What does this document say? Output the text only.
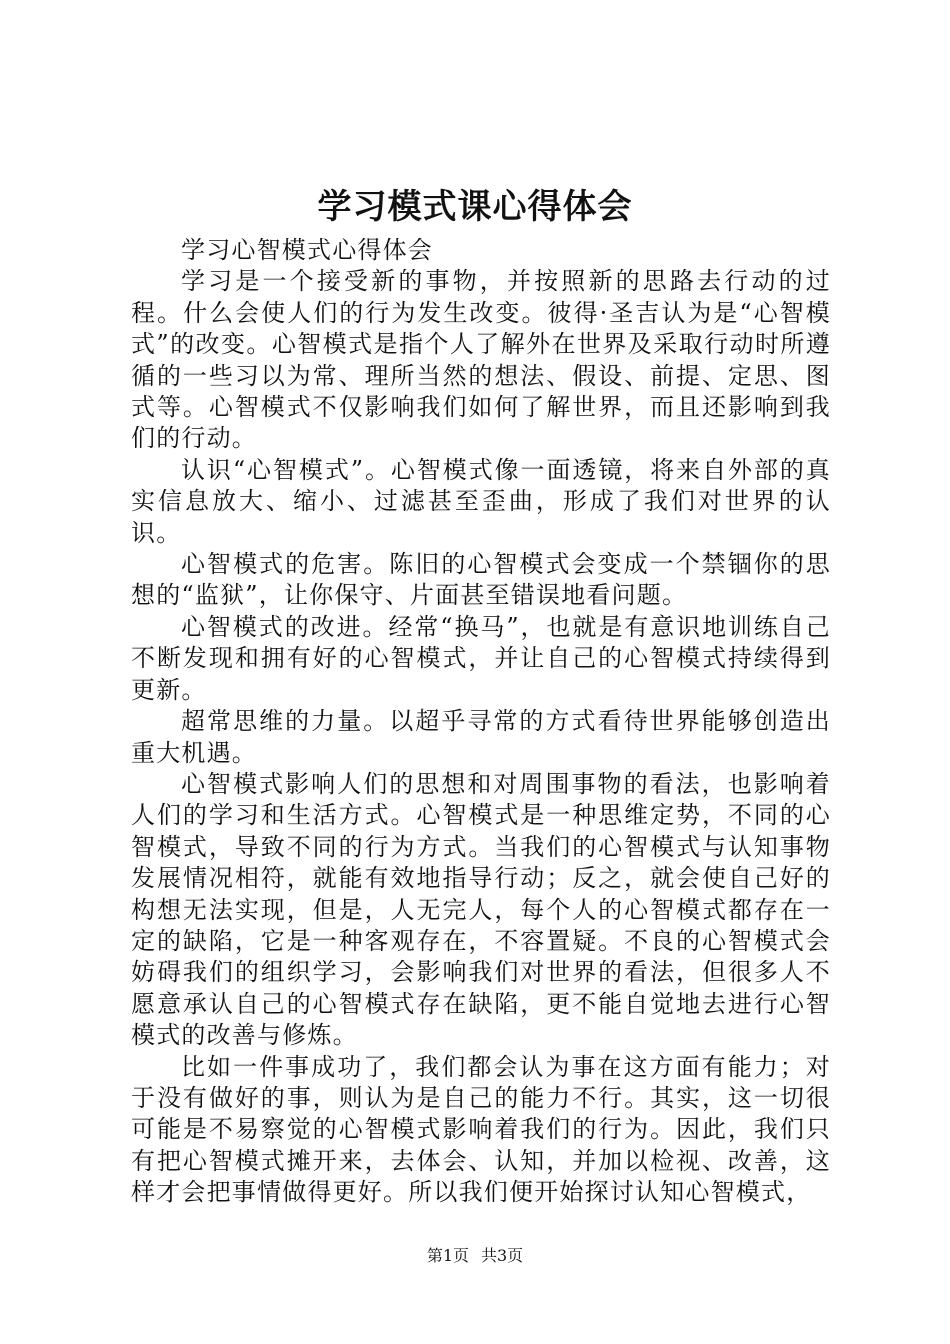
学习模式课心得体会

学习心智模式心得体会

学习是一个接受新的事物，并按照新的思路去行动的过程。什么会使人们的行为发生改变。彼得·圣吉认为是“心智模式”的改变。心智模式是指个人了解外在世界及采取行动时所遵循的一些习以为常、理所当然的想法、假设、前提、定思、图式等。心智模式不仅影响我们如何了解世界，而且还影响到我们的行动。

认识“心智模式”。心智模式像一面透镜，将来自外部的真实信息放大、缩小、过滤甚至歪曲，形成了我们对世界的认识。

心智模式的危害。陈旧的心智模式会变成一个禁锢你的思想的“监狱”，让你保守、片面甚至错误地看问题。

心智模式的改进。经常“换马”，也就是有意识地训练自己不断发现和拥有好的心智模式，并让自己的心智模式持续得到更新。

超常思维的力量。以超乎寻常的方式看待世界能够创造出重大机遇。

心智模式影响人们的思想和对周围事物的看法，也影响着人们的学习和生活方式。心智模式是一种思维定势，不同的心智模式，导致不同的行为方式。当我们的心智模式与认知事物发展情况相符，就能有效地指导行动；反之，就会使自己好的构想无法实现，但是，人无完人，每个人的心智模式都存在一定的缺陷，它是一种客观存在，不容置疑。不良的心智模式会妨碍我们的组织学习，会影响我们对世界的看法，但很多人不愿意承认自己的心智模式存在缺陷，更不能自觉地去进行心智模式的改善与修炼。

比如一件事成功了，我们都会认为事在这方面有能力；对于没有做好的事，则认为是自己的能力不行。其实，这一切很可能是不易察觉的心智模式影响着我们的行为。因此，我们只有把心智模式摊开来，去体会、认知，并加以检视、改善，这样才会把事情做得更好。所以我们便开始探讨认知心智模式，

第1页 共3页
